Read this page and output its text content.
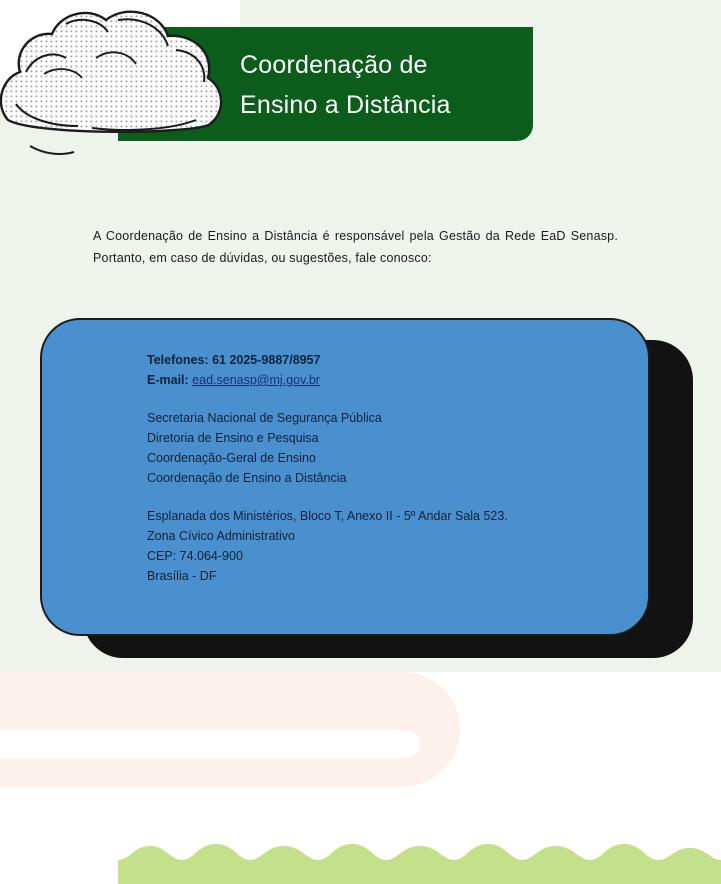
Coordenação de
Ensino a Distância
A Coordenação de Ensino a Distância é responsável pela Gestão da Rede EaD Senasp. Portanto, em caso de dúvidas, ou sugestões, fale conosco:
Telefones: 61 2025-9887/8957
E-mail: ead.senasp@mj.gov.br
Secretaria Nacional de Segurança Pública
Diretoria de Ensino e Pesquisa
Coordenação-Geral de Ensino
Coordenação de Ensino a Distância
Esplanada dos Ministérios, Bloco T, Anexo II - 5º Andar Sala 523.
Zona Cívico Administrativo
CEP: 74.064-900
Brasília - DF
